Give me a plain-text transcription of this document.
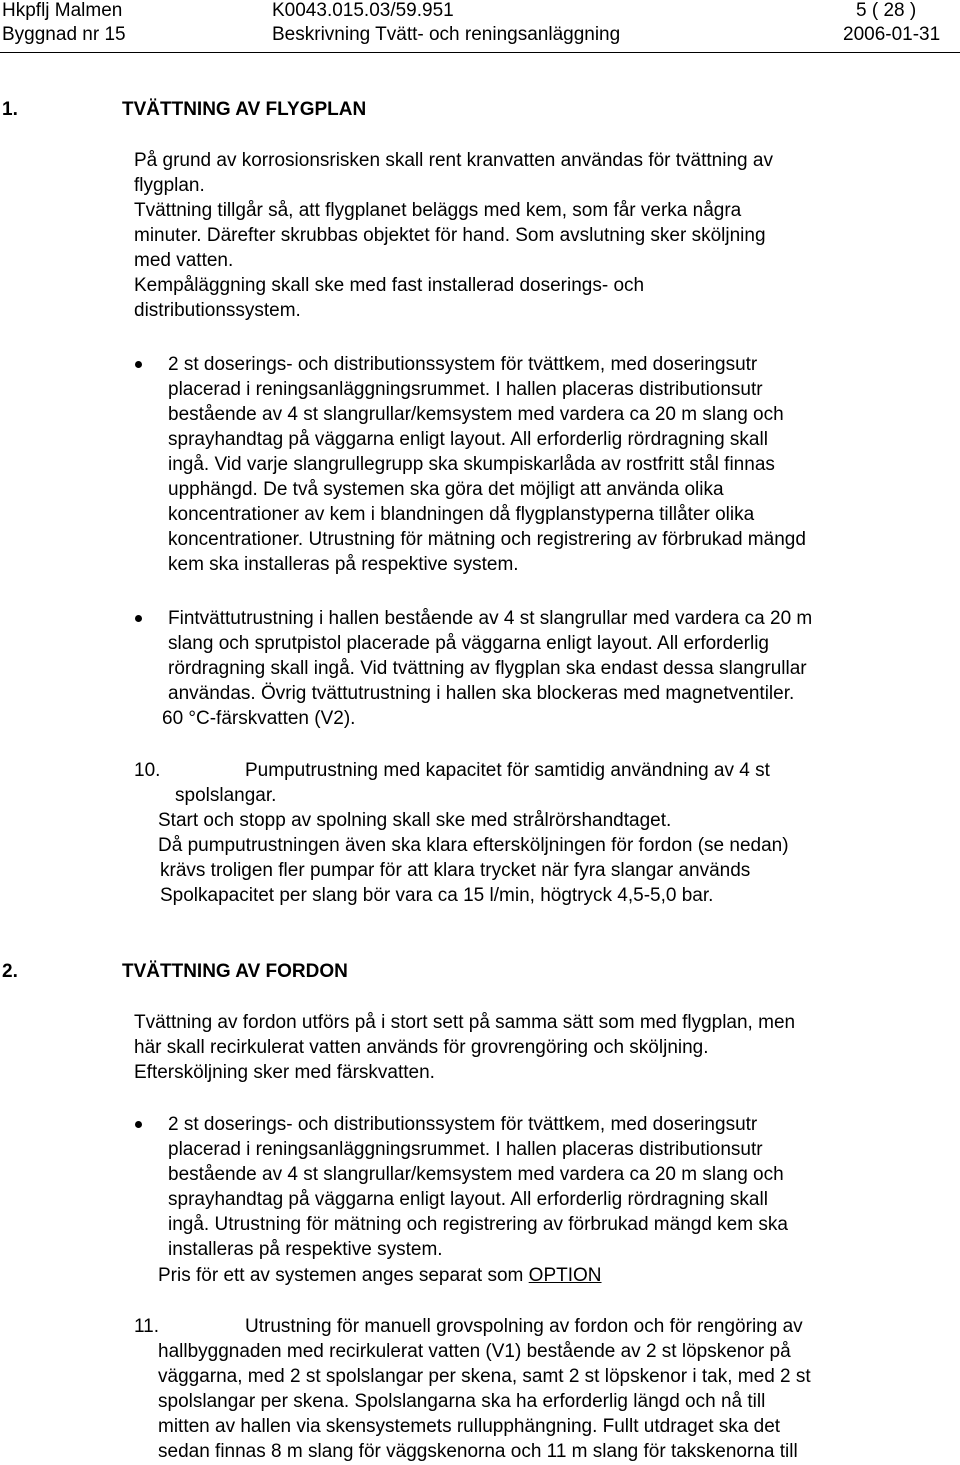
Hkpflj Malmen
Byggnad nr 15
K0043.015.03/59.951
Beskrivning Tvätt- och reningsanläggning
5 ( 28 )
2006-01-31
1.	TVÄTTNING AV FLYGPLAN
På grund av korrosionsrisken skall rent kranvatten användas för tvättning av
flygplan.
Tvättning tillgår så, att flygplanet beläggs med kem, som får verka några
minuter. Därefter skrubbas objektet för hand. Som avslutning sker sköljning
med vatten.
Kempåläggning skall ske med fast installerad doserings- och
distributionssystem.
2 st doserings- och distributionssystem för tvättkem, med doseringsutr
placerad i reningsanläggningsrummet. I hallen placeras distributionsutr
bestående av 4 st slangrullar/kemsystem med vardera ca 20 m slang och
sprayhandtag på väggarna enligt layout. All erforderlig rördragning skall
ingå. Vid varje slangrullegrupp ska skumpiskarlåda av rostfritt stål finnas
upphängd. De två systemen ska göra det möjligt att använda olika
koncentrationer av kem i blandningen då flygplanstyperna tillåter olika
koncentrationer. Utrustning för mätning och registrering av förbrukad mängd
kem ska installeras på respektive system.
Fintvättutrustning i hallen bestående av 4 st slangrullar med vardera ca 20 m
slang och sprutpistol placerade på väggarna enligt layout. All erforderlig
rördragning skall ingå. Vid tvättning av flygplan ska endast dessa slangrullar
användas. Övrig tvättutrustning i hallen ska blockeras med magnetventiler.
60 °C-färskvatten (V2).
10.	Pumputrustning med kapacitet för samtidig användning av 4 st
spolslangar.
Start och stopp av spolning skall ske med strålrörshandtaget.
Då pumputrustningen även ska klara eftersköljningen för fordon (se nedan)
krävs troligen fler pumpar för att klara trycket när fyra slangar används
Spolkapacitet per slang bör vara ca 15 l/min, högtryck 4,5-5,0 bar.
2.	TVÄTTNING AV FORDON
Tvättning av fordon utförs på i stort sett på samma sätt som med flygplan, men
här skall recirkulerat vatten används för grovrengöring och sköljning.
Eftersköljning sker med färskvatten.
2 st doserings- och distributionssystem för tvättkem, med doseringsutr
placerad i reningsanläggningsrummet. I hallen placeras distributionsutr
bestående av 4 st slangrullar/kemsystem med vardera ca 20 m slang och
sprayhandtag på väggarna enligt layout. All erforderlig rördragning skall
ingå. Utrustning för mätning och registrering av förbrukad mängd kem ska
installeras på respektive system.
Pris för ett av systemen anges separat som OPTION
11.	Utrustning för manuell grovspolning av fordon och för rengöring av
hallbyggnaden med recirkulerat vatten (V1) bestående av 2 st löpskenor på
väggarna, med 2 st spolslangar per skena, samt 2 st löpskenor i tak, med 2 st
spolslangar per skena. Spolslangarna ska ha erforderlig längd och nå till
mitten av hallen via skensystemets rullupphängning. Fullt utdraget ska det
sedan finnas 8 m slang för väggskenorna och 11 m slang för takskenorna till
